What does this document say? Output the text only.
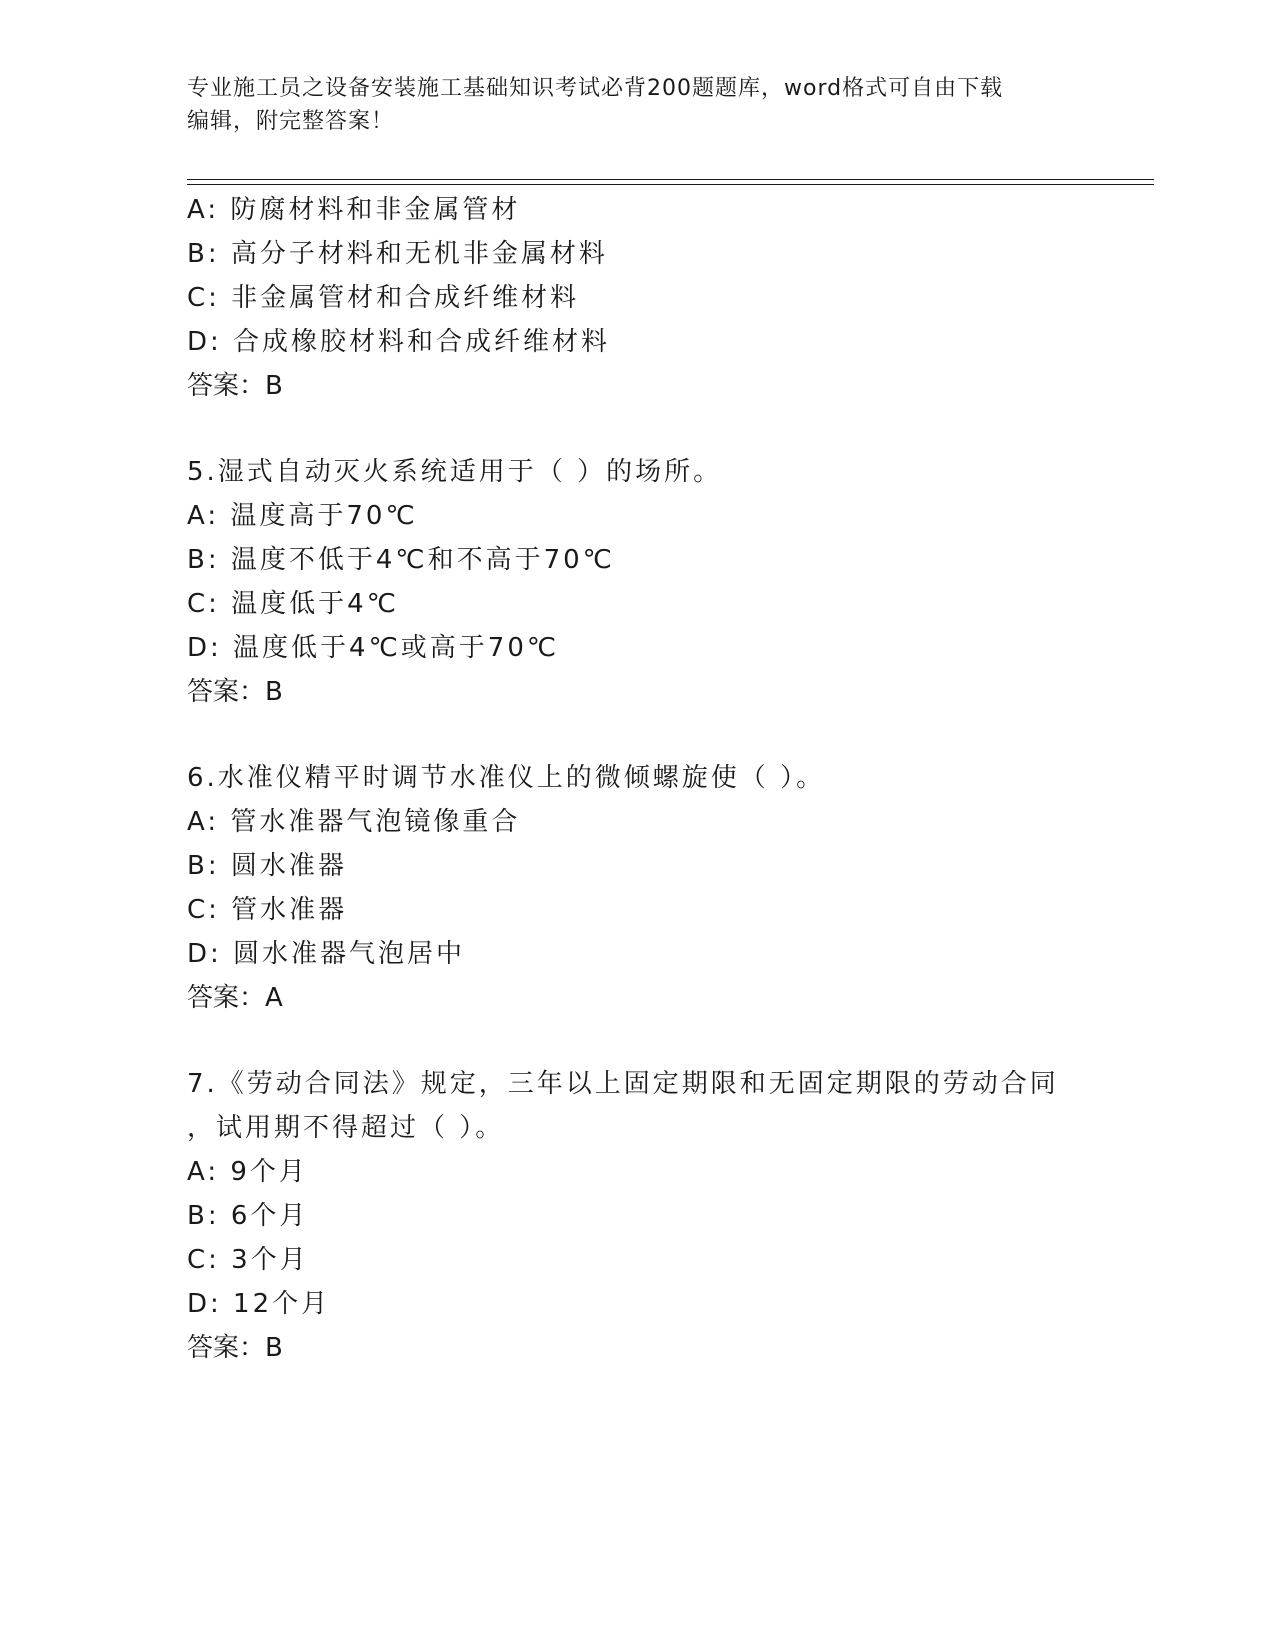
专业施工员之设备安装施工基础知识考试必背200题题库，word格式可自由下载
编辑，附完整答案！
A: 防腐材料和非金属管材
B: 高分子材料和无机非金属材料
C: 非金属管材和合成纤维材料
D: 合成橡胶材料和合成纤维材料
答案：B
5.湿式自动灭火系统适用于（ ）的场所。
A: 温度高于70℃
B: 温度不低于4℃和不高于70℃
C: 温度低于4℃
D: 温度低于4℃或高于70℃
答案：B
6.水准仪精平时调节水准仪上的微倾螺旋使（ ）。
A: 管水准器气泡镜像重合
B: 圆水准器
C: 管水准器
D: 圆水准器气泡居中
答案：A
7.《劳动合同法》规定，三年以上固定期限和无固定期限的劳动合同
，试用期不得超过（ ）。
A: 9个月
B: 6个月
C: 3个月
D: 12个月
答案：B
